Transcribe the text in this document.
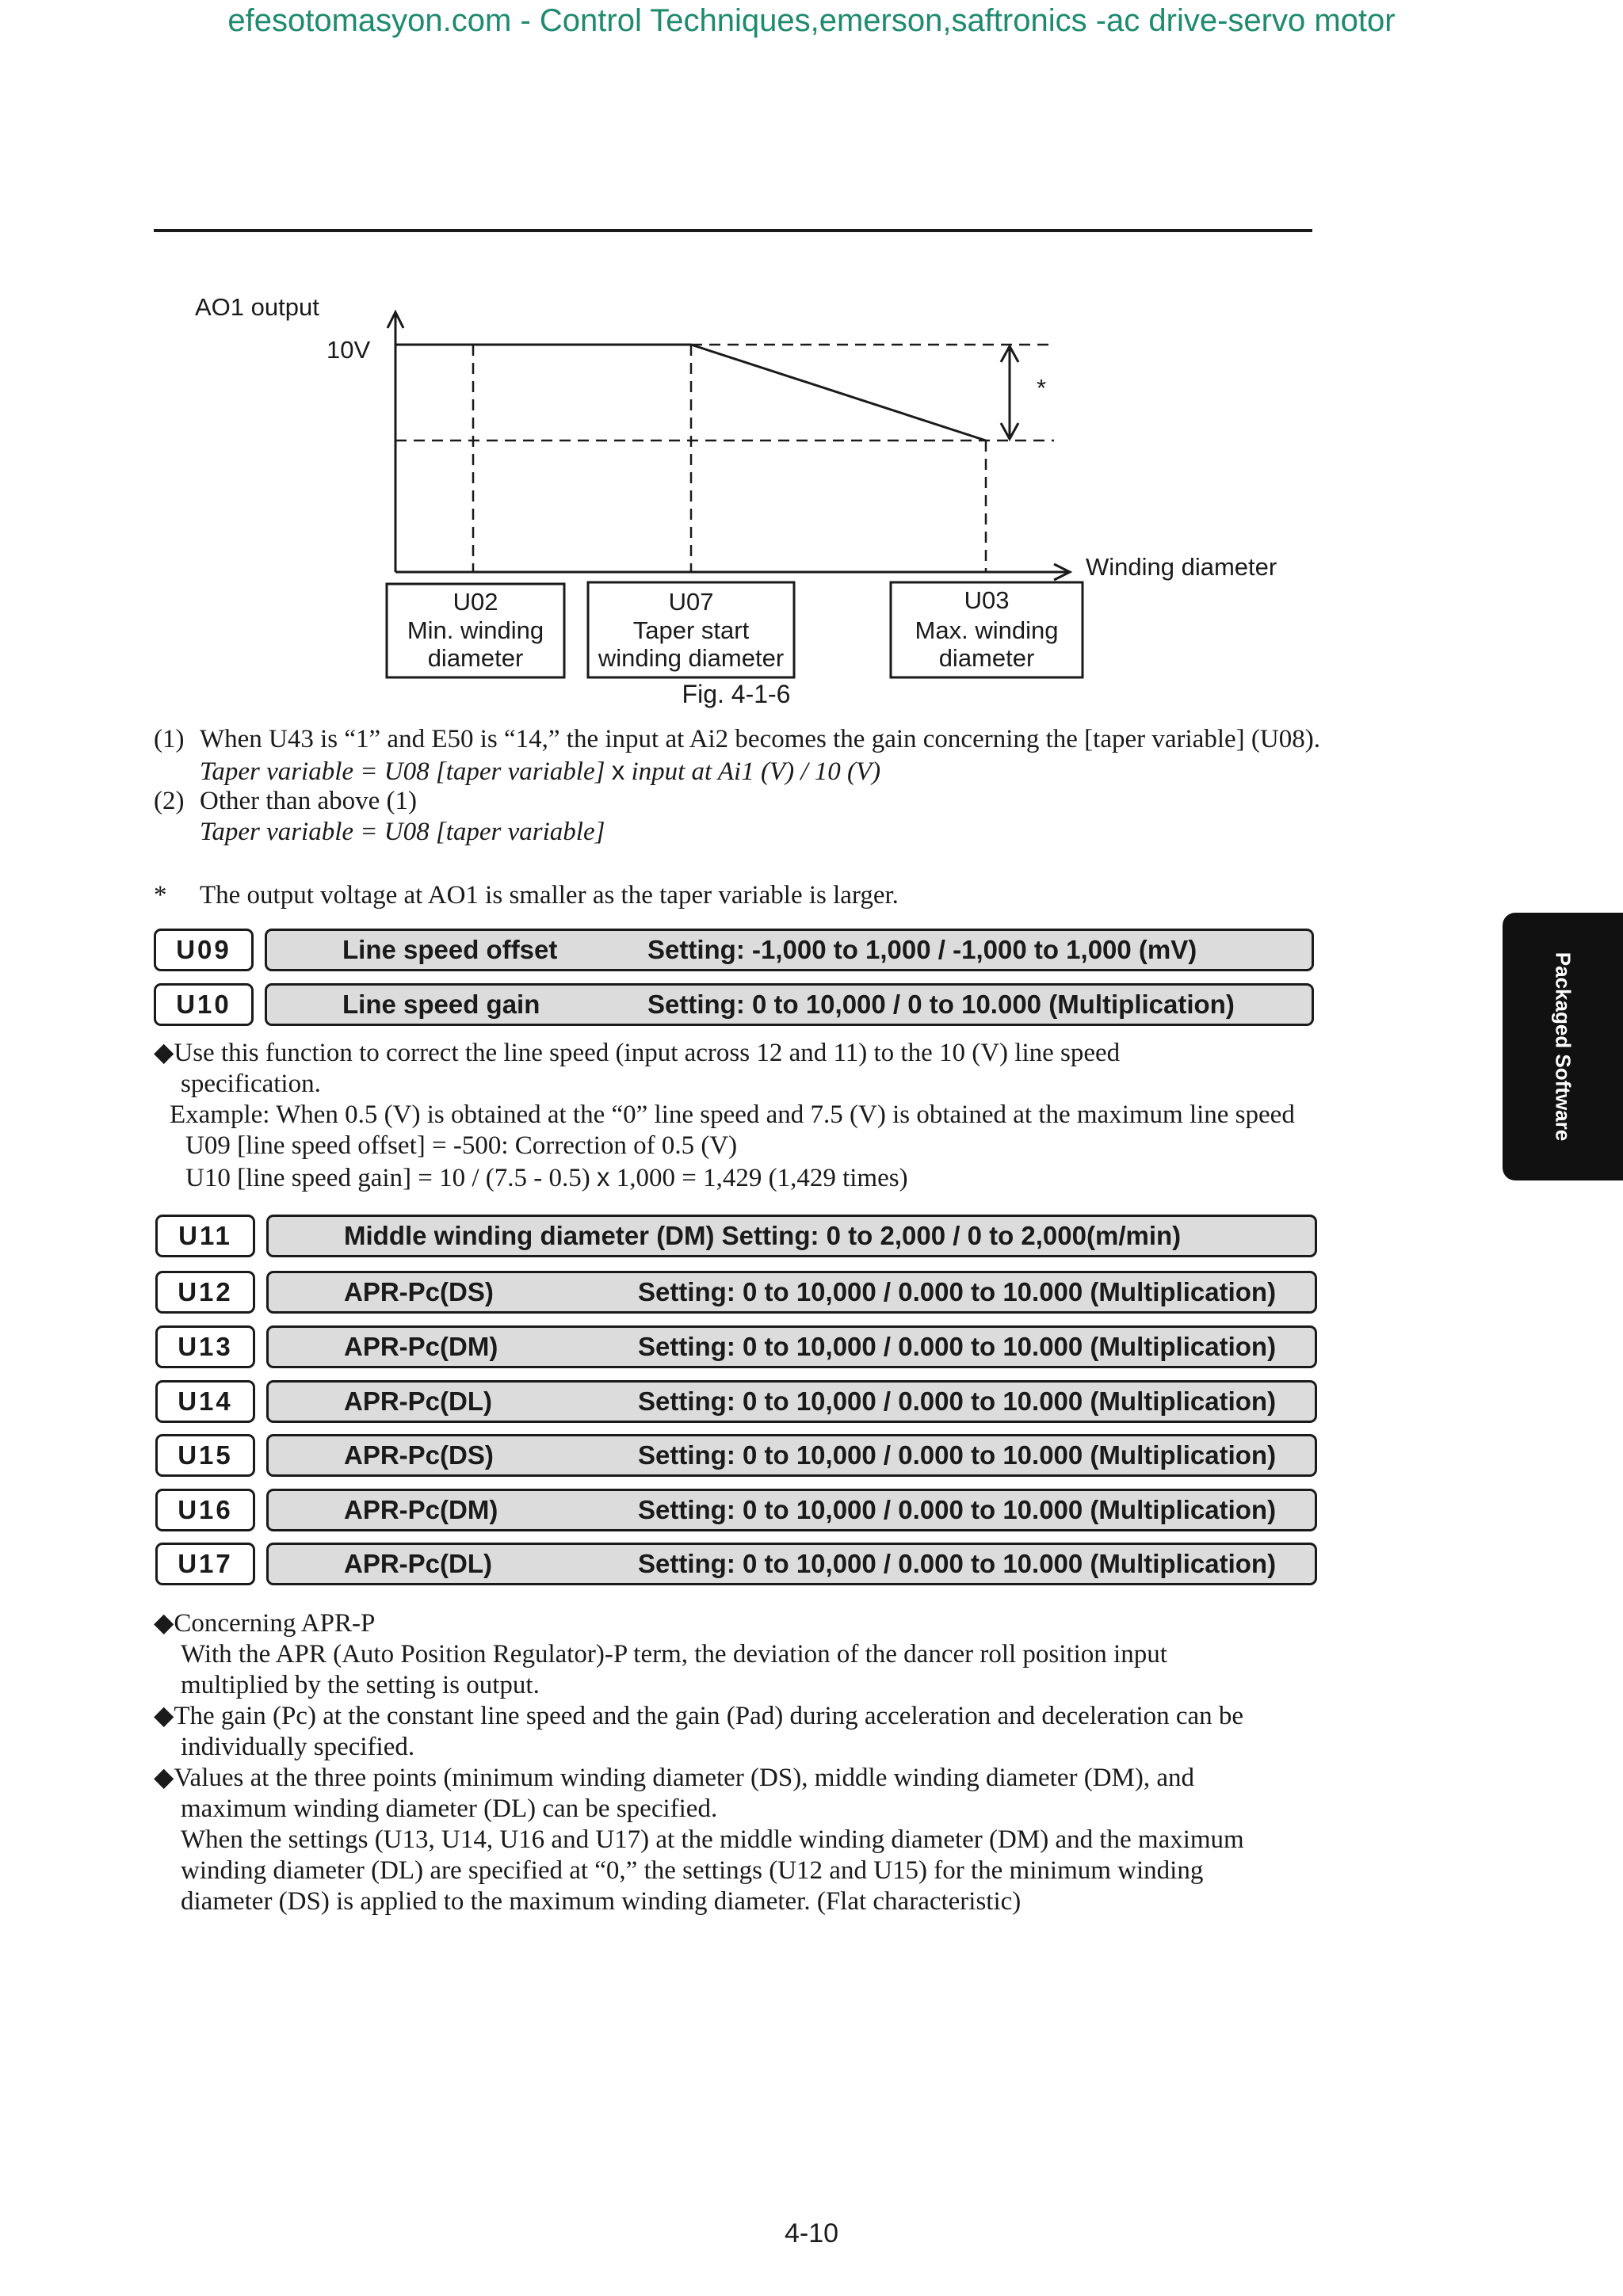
efesotomasyon.com - Control Techniques,emerson,saftronics -ac drive-servo motor
AO1 output
10V
*
Winding diameter
U02
Min. winding
diameter
U07
Taper start
winding diameter
U03
Max. winding
diameter
Fig. 4-1-6
(1) When U43 is “1” and E50 is “14,” the input at Ai2 becomes the gain concerning the [taper variable] (U08).
Taper variable = U08 [taper variable] x input at Ai1 (V) / 10 (V)
(2) Other than above (1)
Taper variable = U08 [taper variable]
* The output voltage at AO1 is smaller as the taper variable is larger.
U09	Line speed offset	Setting: -1,000 to 1,000 / -1,000 to 1,000 (mV)
U10	Line speed gain	Setting: 0 to 10,000 / 0 to 10.000 (Multiplication)
◆Use this function to correct the line speed (input across 12 and 11) to the 10 (V) line speed
specification.
Example: When 0.5 (V) is obtained at the “0” line speed and 7.5 (V) is obtained at the maximum line speed
U09 [line speed offset] = -500: Correction of 0.5 (V)
U10 [line speed gain] = 10 / (7.5 - 0.5) x 1,000 = 1,429 (1,429 times)
U11	Middle winding diameter (DM) Setting: 0 to 2,000 / 0 to 2,000(m/min)
U12	APR-Pc(DS)	Setting: 0 to 10,000 / 0.000 to 10.000 (Multiplication)
U13	APR-Pc(DM)	Setting: 0 to 10,000 / 0.000 to 10.000 (Multiplication)
U14	APR-Pc(DL)	Setting: 0 to 10,000 / 0.000 to 10.000 (Multiplication)
U15	APR-Pc(DS)	Setting: 0 to 10,000 / 0.000 to 10.000 (Multiplication)
U16	APR-Pc(DM)	Setting: 0 to 10,000 / 0.000 to 10.000 (Multiplication)
U17	APR-Pc(DL)	Setting: 0 to 10,000 / 0.000 to 10.000 (Multiplication)
◆Concerning APR-P
With the APR (Auto Position Regulator)-P term, the deviation of the dancer roll position input
multiplied by the setting is output.
◆The gain (Pc) at the constant line speed and the gain (Pad) during acceleration and deceleration can be
individually specified.
◆Values at the three points (minimum winding diameter (DS), middle winding diameter (DM), and
maximum winding diameter (DL) can be specified.
When the settings (U13, U14, U16 and U17) at the middle winding diameter (DM) and the maximum
winding diameter (DL) are specified at “0,” the settings (U12 and U15) for the minimum winding
diameter (DS) is applied to the maximum winding diameter. (Flat characteristic)
Packaged Software
4-10
